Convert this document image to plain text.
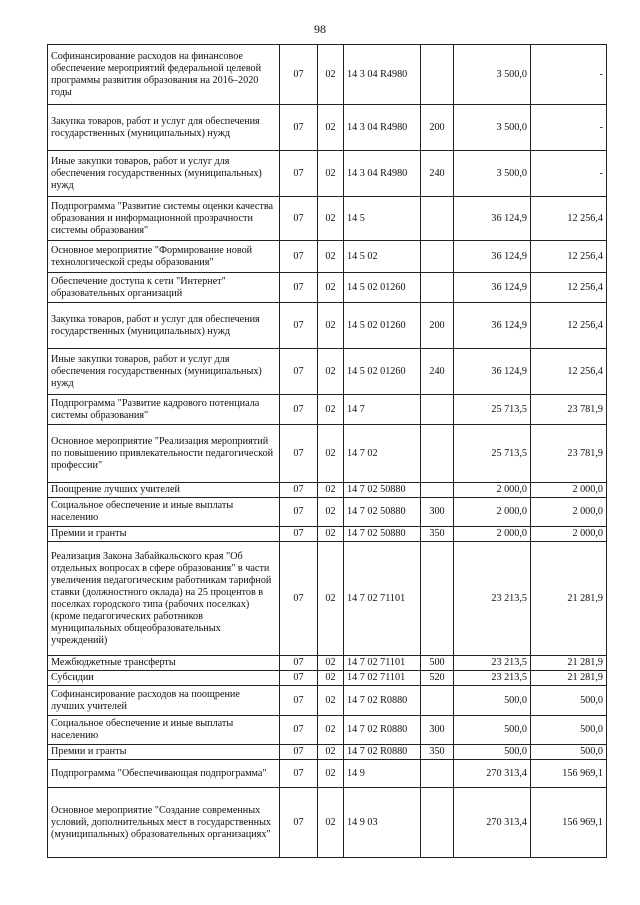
98
Софинансирование расходов на финансовое обеспечение мероприятий федеральной целевой программы развития образования на 2016–2020 годы	07	02	14 3 04 R4980		3 500,0	-
Закупка товаров, работ и услуг для обеспечения государственных (муниципальных) нужд	07	02	14 3 04 R4980	200	3 500,0	-
Иные закупки товаров, работ и услуг для обеспечения государственных (муниципальных) нужд	07	02	14 3 04 R4980	240	3 500,0	-
Подпрограмма "Развитие системы оценки качества образования и информационной прозрачности системы образования"	07	02	14 5		36 124,9	12 256,4
Основное мероприятие "Формирование новой технологической среды образования"	07	02	14 5 02		36 124,9	12 256,4
Обеспечение доступа к сети "Интернет" образовательных организаций	07	02	14 5 02 01260		36 124,9	12 256,4
Закупка товаров, работ и услуг для обеспечения государственных (муниципальных) нужд	07	02	14 5 02 01260	200	36 124,9	12 256,4
Иные закупки товаров, работ и услуг для обеспечения государственных (муниципальных) нужд	07	02	14 5 02 01260	240	36 124,9	12 256,4
Подпрограмма "Развитие кадрового потенциала системы образования"	07	02	14 7		25 713,5	23 781,9
Основное мероприятие "Реализация мероприятий по повышению привлекательности педагогической профессии"	07	02	14 7 02		25 713,5	23 781,9
Поощрение лучших учителей	07	02	14 7 02 50880		2 000,0	2 000,0
Социальное обеспечение и иные выплаты населению	07	02	14 7 02 50880	300	2 000,0	2 000,0
Премии и гранты	07	02	14 7 02 50880	350	2 000,0	2 000,0
Реализация Закона Забайкальского края "Об отдельных вопросах в сфере образования" в части увеличения педагогическим работникам тарифной ставки (должностного оклада) на 25 процентов в поселках городского типа (рабочих поселках) (кроме педагогических работников муниципальных общеобразовательных учреждений)	07	02	14 7 02 71101		23 213,5	21 281,9
Межбюджетные трансферты	07	02	14 7 02 71101	500	23 213,5	21 281,9
Субсидии	07	02	14 7 02 71101	520	23 213,5	21 281,9
Софинансирование расходов на поощрение лучших учителей	07	02	14 7 02 R0880		500,0	500,0
Социальное обеспечение и иные выплаты населению	07	02	14 7 02 R0880	300	500,0	500,0
Премии и гранты	07	02	14 7 02 R0880	350	500,0	500,0
Подпрограмма "Обеспечивающая подпрограмма"	07	02	14 9		270 313,4	156 969,1
Основное мероприятие "Создание современных условий, дополнительных мест в государственных (муниципальных) образовательных организациях"	07	02	14 9 03		270 313,4	156 969,1
